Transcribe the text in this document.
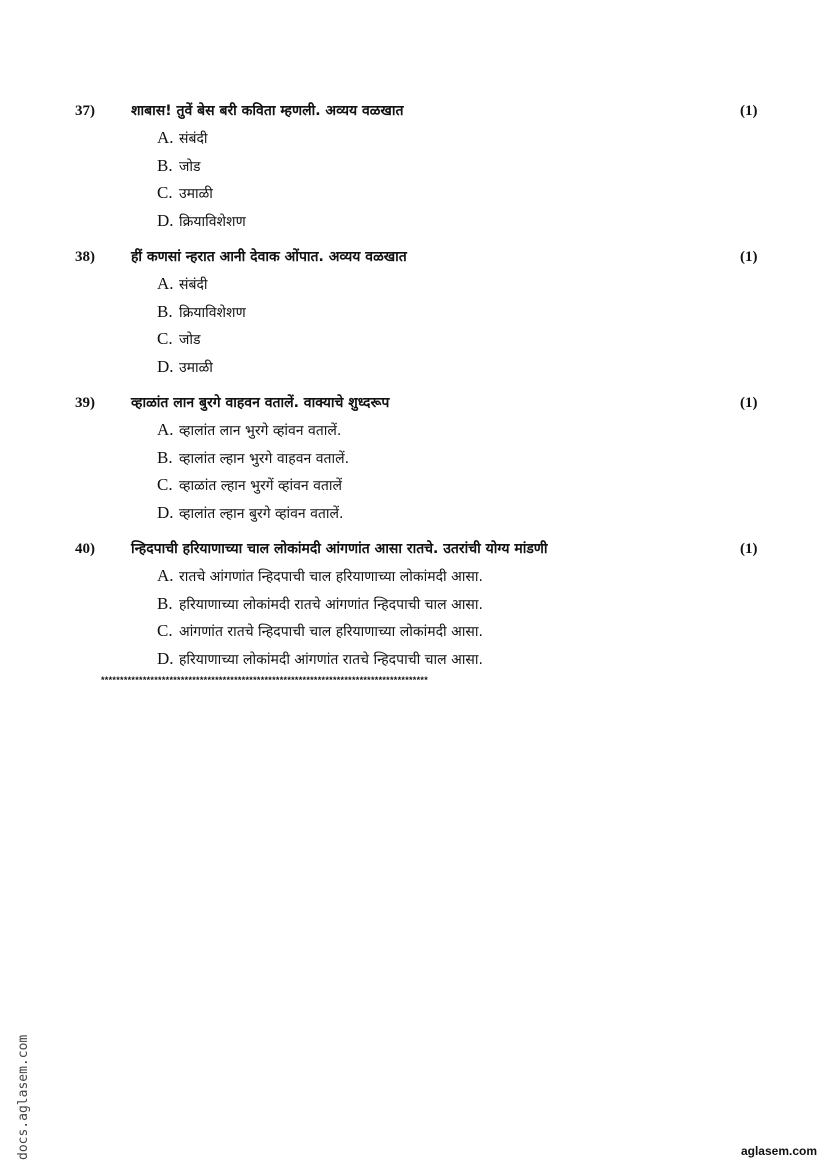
37)	शाबास! तुवें बेस बरी कविता म्हणली. अव्यय वळखात	(1)
A. संबंदी
B. जोड
C. उमाळी
D. क्रियाविशेशण
38)	हीं कणसां न्हरात आनी देवाक ओंपात. अव्यय वळखात	(1)
A. संबंदी
B. क्रियाविशेशण
C. जोड
D. उमाळी
39)	व्हाळांत लान बुरगे वाहवन वतालें. वाक्याचे शुध्दरूप	(1)
A. व्हालांत लान भुरगे व्हांवन वतालें.
B. व्हालांत ल्हान भुरगे वाहवन वतालें.
C. व्हाळांत ल्हान भुरगें व्हांवन वतालें
D. व्हालांत ल्हान बुरगे व्हांवन वतालें.
40)	न्हिदपाची हरियाणाच्या चाल लोकांमदी आंगणांत आसा रातचे. उतरांची योग्य मांडणी	(1)
A. रातचे आंगणांत न्हिदपाची चाल हरियाणाच्या लोकांमदी आसा.
B. हरियाणाच्या लोकांमदी रातचे आंगणांत न्हिदपाची चाल आसा.
C. आंगणांत रातचे न्हिदपाची चाल हरियाणाच्या लोकांमदी आसा.
D. हरियाणाच्या लोकांमदी आंगणांत रातचे न्हिदपाची चाल आसा.
**************************************************************************************
docs.aglasem.com	aglasem.com
